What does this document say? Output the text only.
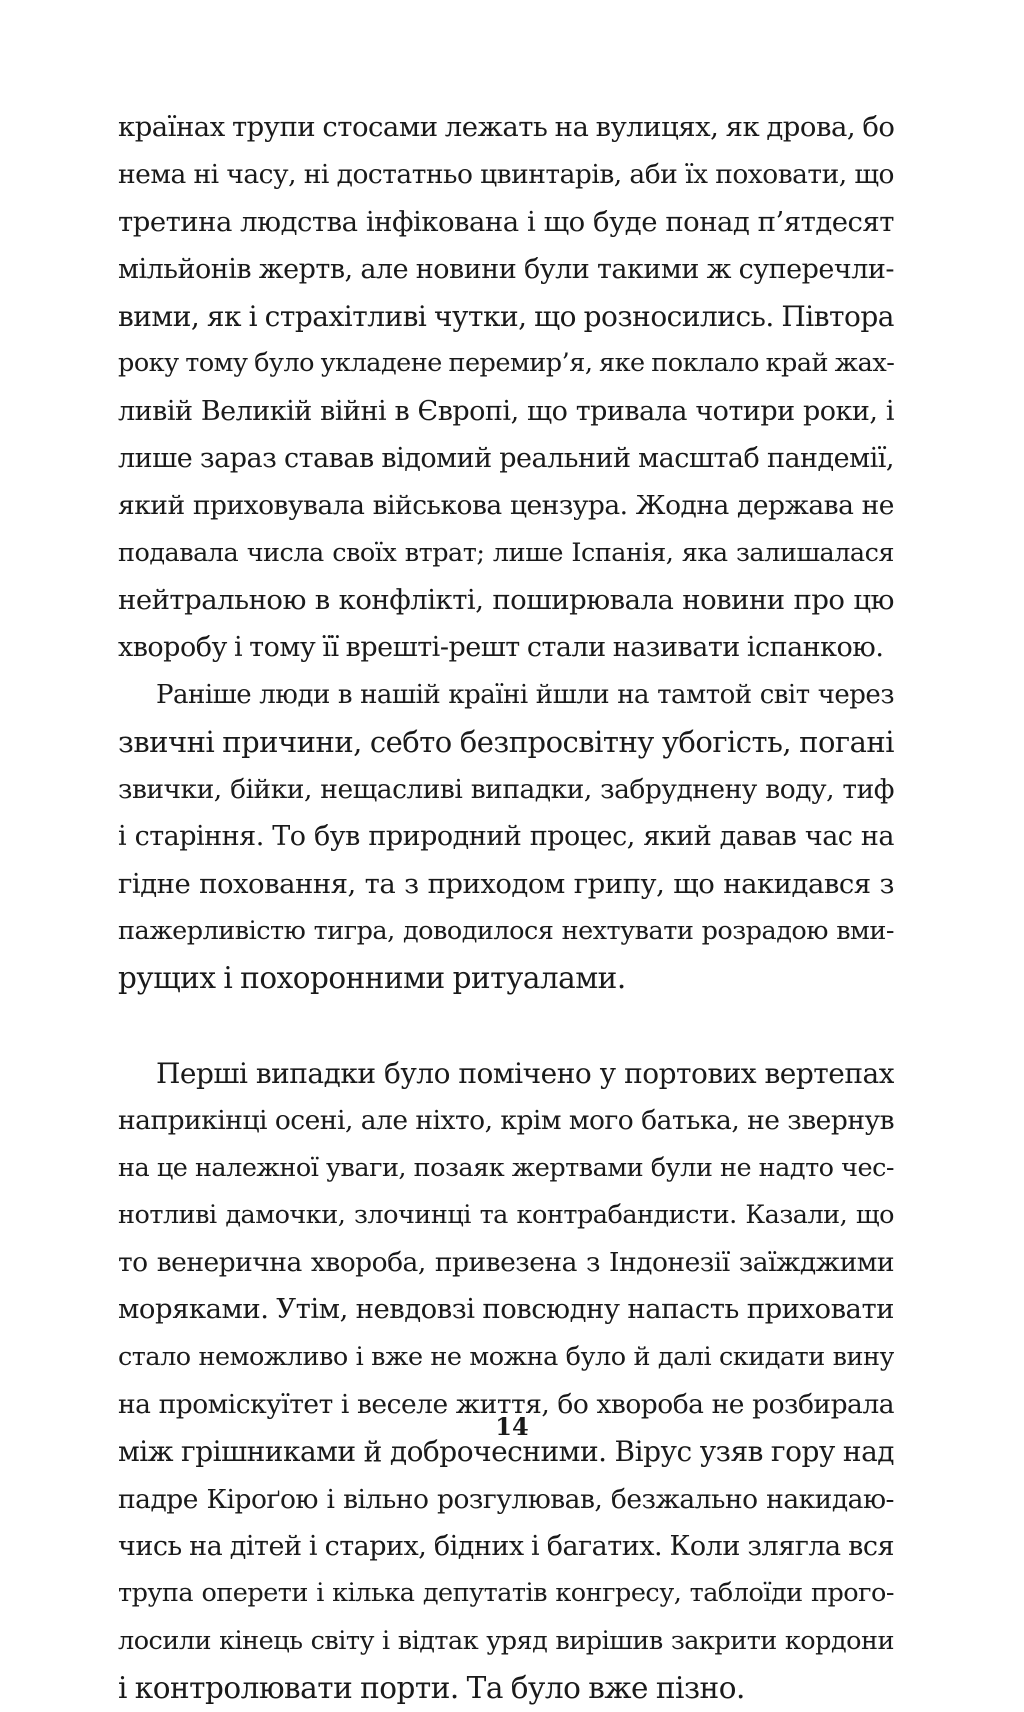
країнах трупи стосами лежать на вулицях, як дрова, бо
нема ні часу, ні достатньо цвинтарів, аби їх поховати, що
третина людства інфікована і що буде понад п’ятдесят
мільйонів жертв, але новини були такими ж суперечли-
вими, як і страхітливі чутки, що розносились. Півтора
року тому було укладене перемир’я, яке поклало край жах-
ливій Великій війні в Європі, що тривала чотири роки, і
лише зараз ставав відомий реальний масштаб пандемії,
який приховувала військова цензура. Жодна держава не
подавала числа своїх втрат; лише Іспанія, яка залишалася
нейтральною в конфлікті, поширювала новини про цю
хворобу і тому її врешті-решт стали називати іспанкою.
Раніше люди в нашій країні йшли на тамтой світ через
звичні причини, себто безпросвітну убогість, погані
звички, бійки, нещасливі випадки, забруднену воду, тиф
і старіння. То був природний процес, який давав час на
гідне поховання, та з приходом грипу, що накидався з
пажерливістю тигра, доводилося нехтувати розрадою вми-
рущих і похоронними ритуалами.
Перші випадки було помічено у портових вертепах
наприкінці осені, але ніхто, крім мого батька, не звернув
на це належної уваги, позаяк жертвами були не надто чес-
нотливі дамочки, злочинці та контрабандисти. Казали, що
то венерична хвороба, привезена з Індонезії заїжджими
моряками. Утім, невдовзі повсюдну напасть приховати
стало неможливо і вже не можна було й далі скидати вину
на проміскуїтет і веселе життя, бо хвороба не розбирала
між грішниками й доброчесними. Вірус узяв гору над
падре Кіроґою і вільно розгулював, безжально накидаю-
чись на дітей і старих, бідних і багатих. Коли злягла вся
трупа оперети і кілька депутатів конгресу, таблоїди прого-
лосили кінець світу і відтак уряд вирішив закрити кордони
і контролювати порти. Та було вже пізно.
14
